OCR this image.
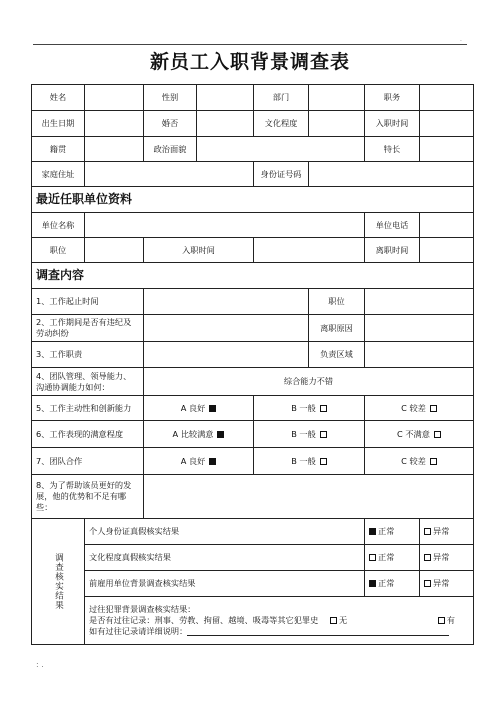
.
新员工入职背景调查表
姓名		性别		部门		职务	
出生日期		婚否		文化程度		入职时间	
籍贯		政治面貌				特长	
家庭住址				身份证号码			
最近任职单位资料							
单位名称						单位电话	
职位		入职时间				离职时间	
调查内容							
1、工作起止时间					职位		
2、工作期间是否有违纪及劳动纠纷					离职原因		
3、工作职责					负责区域		
4、团队管理、领导能力、沟通协调能力如何：		综合能力不错					
5、工作主动性和创新能力		A 良好		B 一般		C 较差	
6、工作表现的满意程度		A 比较满意		B 一般		C 不满意	
7、团队合作		A 良好		B 一般		C 较差	
8、为了帮助该员更好的发展，他的优势和不足有哪些：							

调查核实结果	个人身份证真假核实结果					正常	异常
	文化程度真假核实结果					正常	异常
	前雇用单位背景调查核实结果					正常	异常

	过往犯罪背景调查核实结果：
是否有过往记录：刑事、劳教、拘留、越境、吸毒等其它犯罪史 无 有
如有过往记录请详细说明：						
: .
